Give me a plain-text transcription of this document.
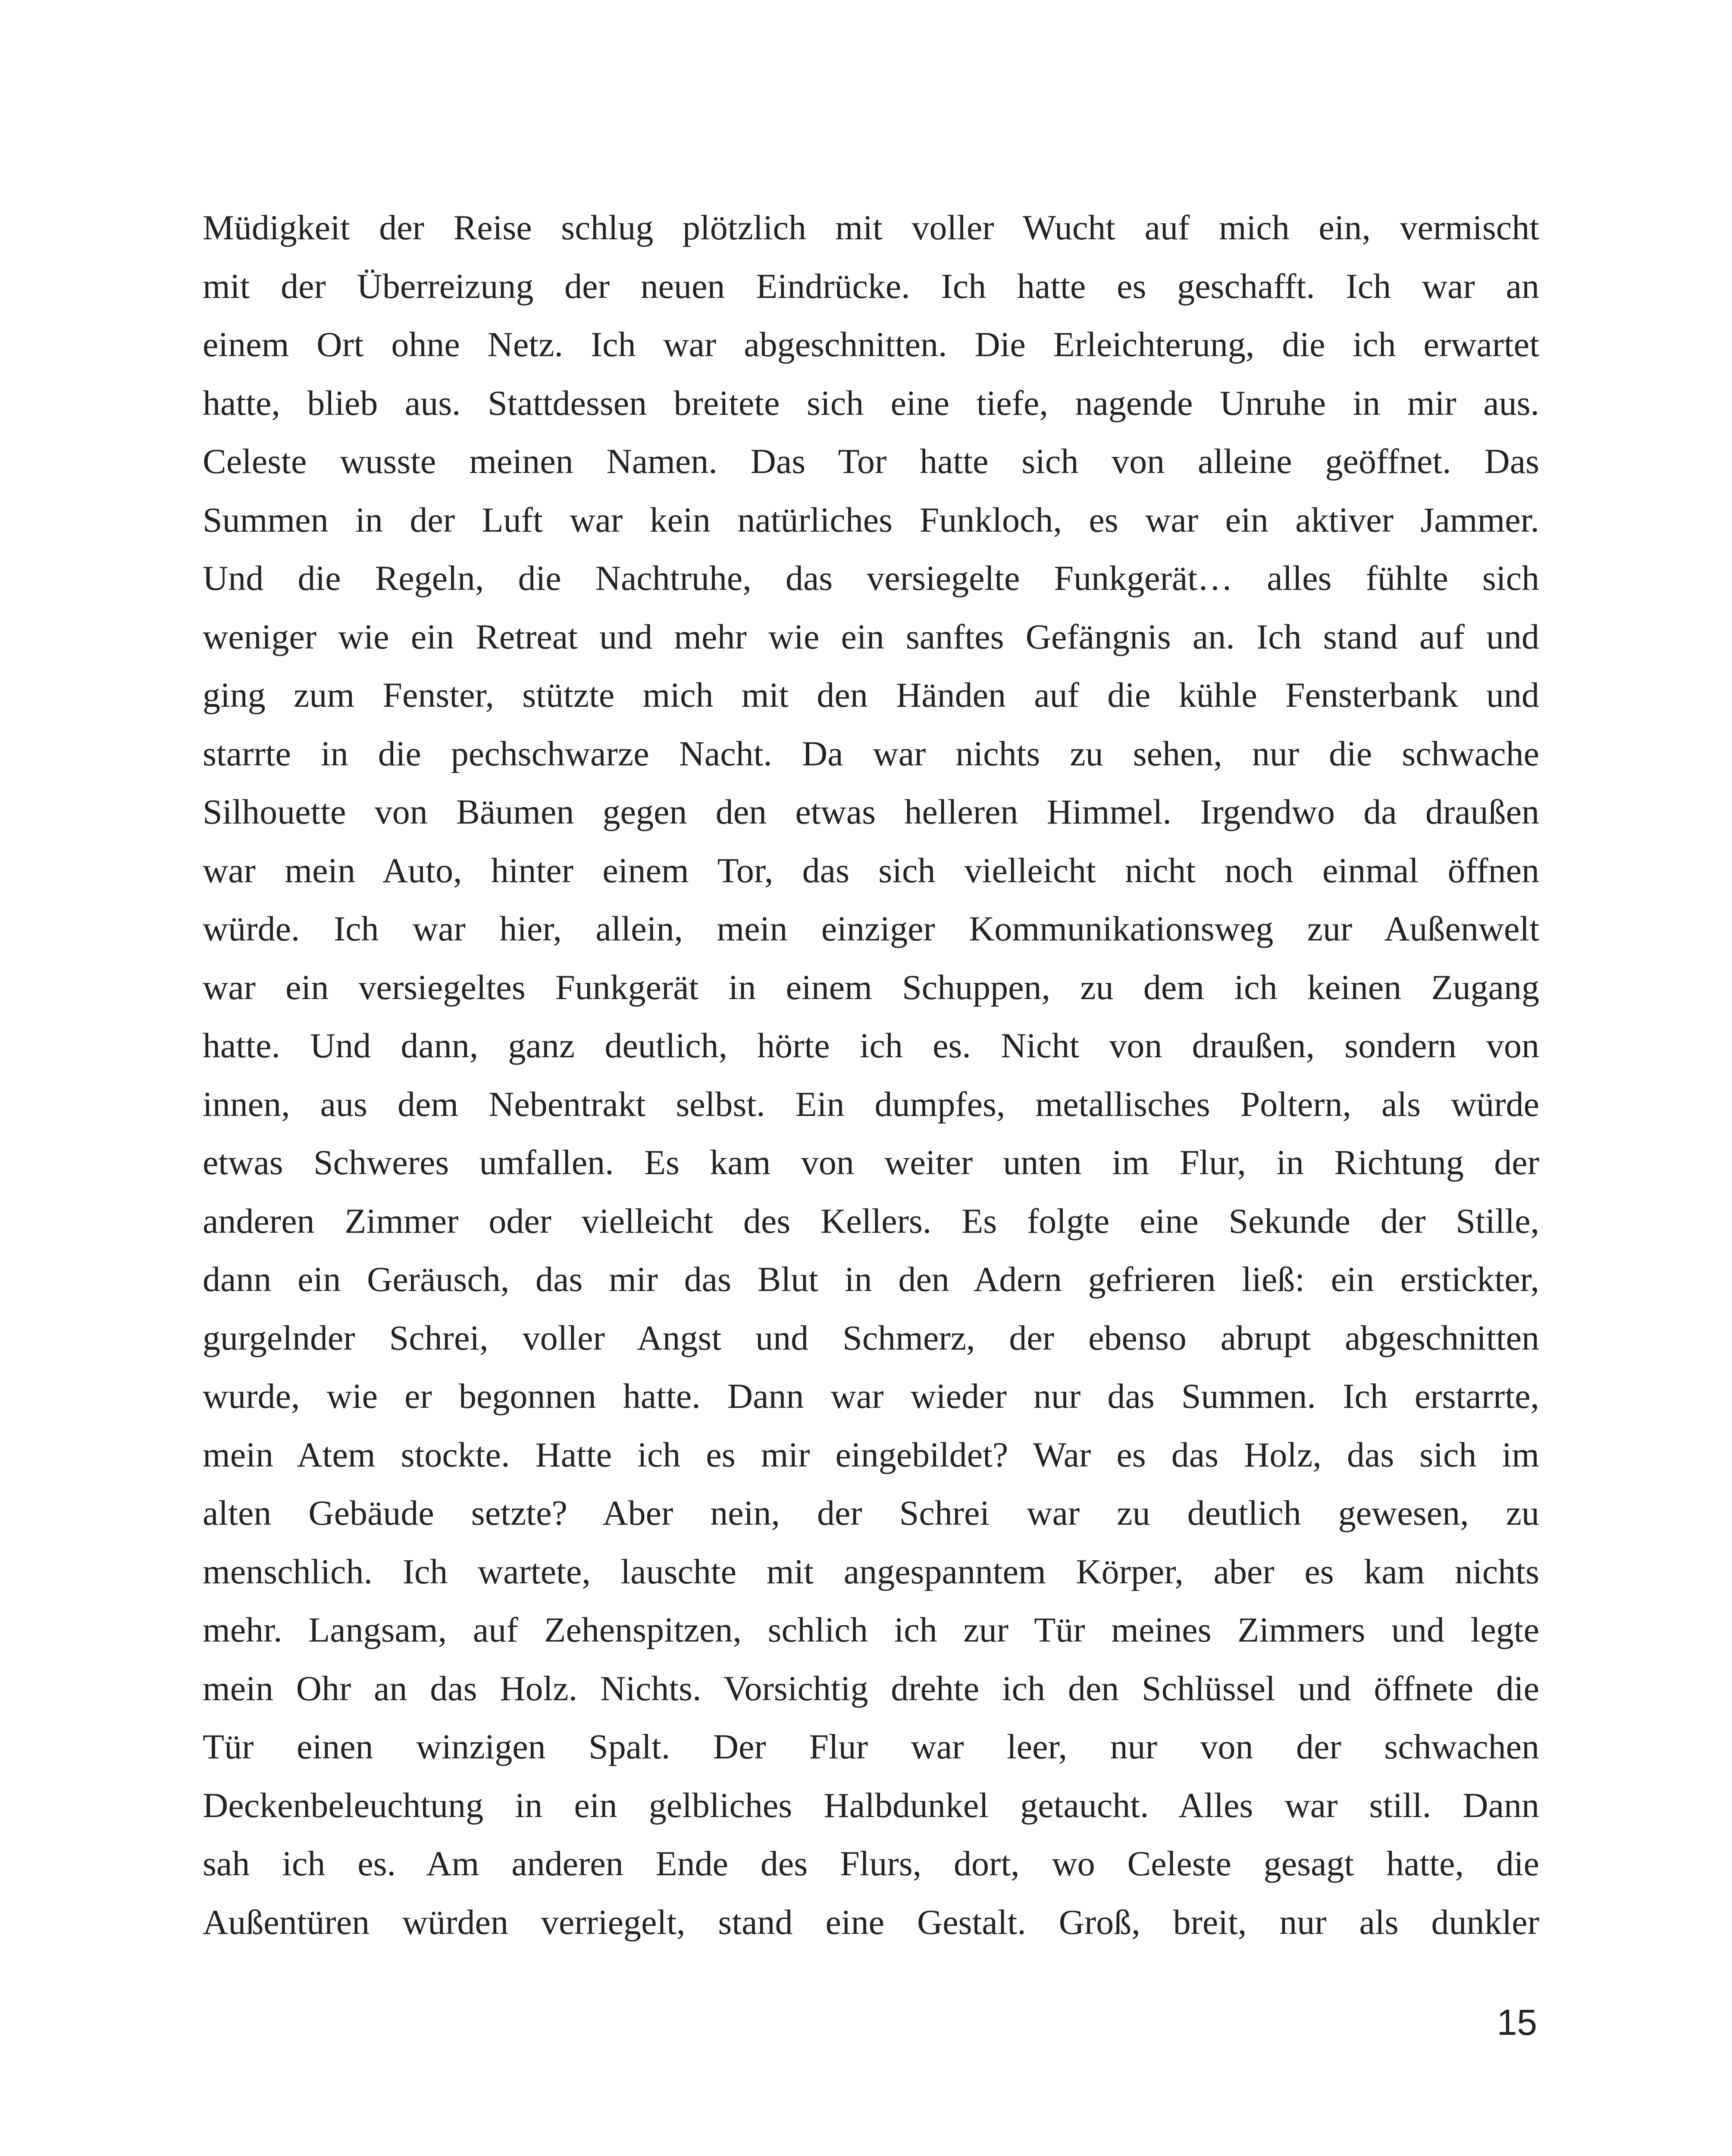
Müdigkeit der Reise schlug plötzlich mit voller Wucht auf mich ein, vermischt
mit der Überreizung der neuen Eindrücke. Ich hatte es geschafft. Ich war an
einem Ort ohne Netz. Ich war abgeschnitten. Die Erleichterung, die ich erwartet
hatte, blieb aus. Stattdessen breitete sich eine tiefe, nagende Unruhe in mir aus.
Celeste wusste meinen Namen. Das Tor hatte sich von alleine geöffnet. Das
Summen in der Luft war kein natürliches Funkloch, es war ein aktiver Jammer.
Und die Regeln, die Nachtruhe, das versiegelte Funkgerät… alles fühlte sich
weniger wie ein Retreat und mehr wie ein sanftes Gefängnis an. Ich stand auf und
ging zum Fenster, stützte mich mit den Händen auf die kühle Fensterbank und
starrte in die pechschwarze Nacht. Da war nichts zu sehen, nur die schwache
Silhouette von Bäumen gegen den etwas helleren Himmel. Irgendwo da draußen
war mein Auto, hinter einem Tor, das sich vielleicht nicht noch einmal öffnen
würde. Ich war hier, allein, mein einziger Kommunikationsweg zur Außenwelt
war ein versiegeltes Funkgerät in einem Schuppen, zu dem ich keinen Zugang
hatte. Und dann, ganz deutlich, hörte ich es. Nicht von draußen, sondern von
innen, aus dem Nebentrakt selbst. Ein dumpfes, metallisches Poltern, als würde
etwas Schweres umfallen. Es kam von weiter unten im Flur, in Richtung der
anderen Zimmer oder vielleicht des Kellers. Es folgte eine Sekunde der Stille,
dann ein Geräusch, das mir das Blut in den Adern gefrieren ließ: ein erstickter,
gurgelnder Schrei, voller Angst und Schmerz, der ebenso abrupt abgeschnitten
wurde, wie er begonnen hatte. Dann war wieder nur das Summen. Ich erstarrte,
mein Atem stockte. Hatte ich es mir eingebildet? War es das Holz, das sich im
alten Gebäude setzte? Aber nein, der Schrei war zu deutlich gewesen, zu
menschlich. Ich wartete, lauschte mit angespanntem Körper, aber es kam nichts
mehr. Langsam, auf Zehenspitzen, schlich ich zur Tür meines Zimmers und legte
mein Ohr an das Holz. Nichts. Vorsichtig drehte ich den Schlüssel und öffnete die
Tür einen winzigen Spalt. Der Flur war leer, nur von der schwachen
Deckenbeleuchtung in ein gelbliches Halbdunkel getaucht. Alles war still. Dann
sah ich es. Am anderen Ende des Flurs, dort, wo Celeste gesagt hatte, die
Außentüren würden verriegelt, stand eine Gestalt. Groß, breit, nur als dunkler
15
